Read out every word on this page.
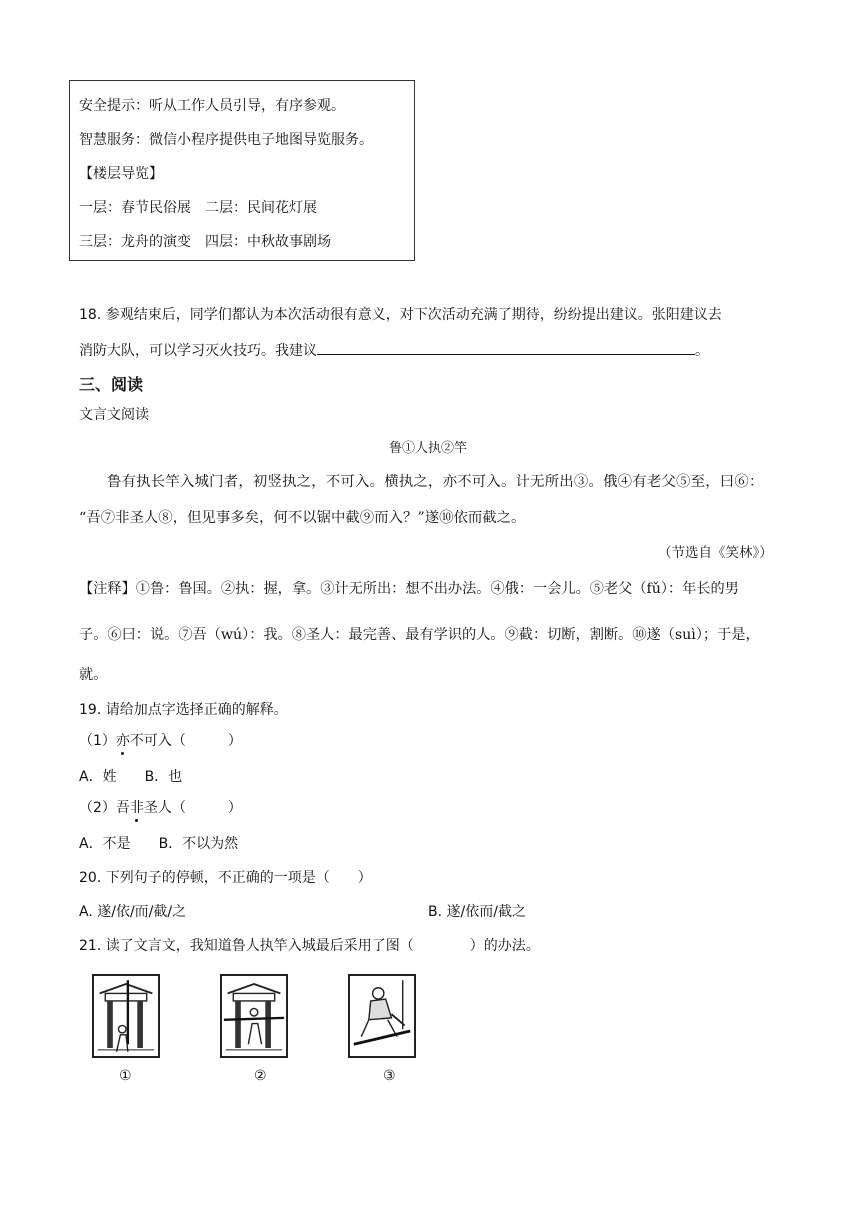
安全提示：听从工作人员引导，有序参观。
智慧服务：微信小程序提供电子地图导览服务。
【楼层导览】
一层：春节民俗展　二层：民间花灯展
三层：龙舟的演变　四层：中秋故事剧场
18. 参观结束后，同学们都认为本次活动很有意义，对下次活动充满了期待，纷纷提出建议。张阳建议去
消防大队，可以学习灭火技巧。我建议	。
三、阅读
文言文阅读
鲁①人执②竿
鲁有执长竿入城门者，初竖执之，不可入。横执之，亦不可入。计无所出③。俄④有老父⑤至，曰⑥：
“吾⑦非圣人⑧，但见事多矣，何不以锯中截⑨而入？”遂⑩依而截之。
（节选自《笑林》）
【注释】①鲁：鲁国。②执：握，拿。③计无所出：想不出办法。④俄：一会儿。⑤老父（fǔ）：年长的男
子。⑥曰：说。⑦吾（wú）：我。⑧圣人：最完善、最有学识的人。⑨截：切断，割断。⑩遂（suì）；于是，
就。
19. 请给加点字选择正确的解释。
（1）亦不可入（　　　）
A．姓　　B．也
（2）吾非圣人（　　　）
A．不是　　B．不以为然
20. 下列句子的停顿，不正确的一项是（　　）
A. 遂/依/而/截/之	B. 遂/依而/截之
21. 读了文言文，我知道鲁人执竿入城最后采用了图（　　　　）的办法。
①	②	③
